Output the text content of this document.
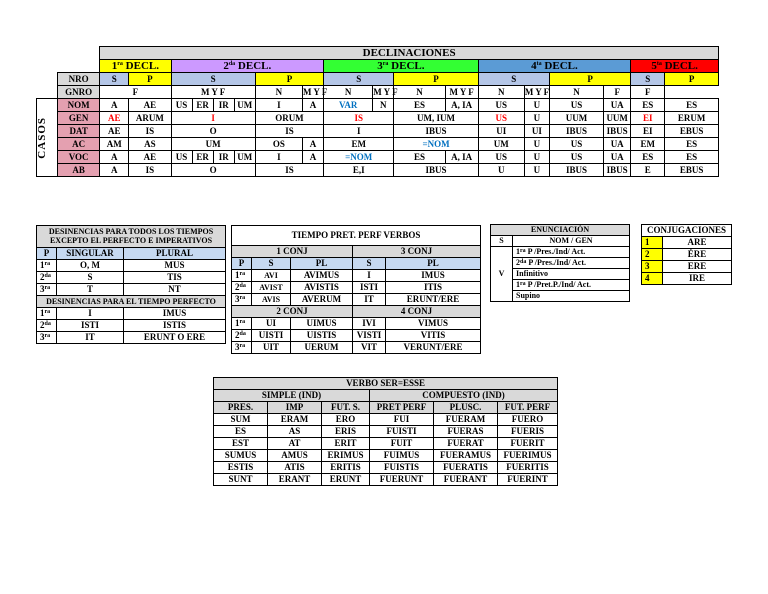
		DECLINACIONES																	
		$1^{ra}$ DECL.		$2^{da}$ DECL.						$3^{ra}$ DECL.				$4^{ta}$ DECL.				$5^{ta}$ DECL.	
	NRO	S	P	S				P		S		P		S		P		S	P
	GNRO	F		M Y F				N	M Y F	N	M Y F	N	M Y F	N	M Y F	N	F	F	

CASOS	NOM	A	AE	US	ER	IR	UM	I	A	VAR	N	ES	A, IA	US	U	US	UA	ES	ES
	GEN	AE	ARUM	I				ORUM		IS		UM, IUM		US	U	UUM	UUM	EI	ERUM
	DAT	AE	IS	O				IS		I		IBUS		UI	UI	IBUS	IBUS	EI	EBUS
	AC	AM	AS	UM				OS	A	EM		=NOM		UM	U	US	UA	EM	ES
	VOC	A	AE	US	ER	IR	UM	I	A	=NOM		ES	A, IA	US	U	US	UA	ES	ES
	AB	A	IS	O				IS		E,I		IBUS		U	U	IBUS	IBUS	E	EBUS
DESINENCIAS PARA TODOS LOS TIEMPOS EXCEPTO EL PERFECTO E IMPERATIVOS		
P	SINGULAR	PLURAL
$1^{ra}$	O, M	MUS
$2^{da}$	S	TIS
$3^{ra}$	T	NT
DESINENCIAS PARA EL TIEMPO PERFECTO		
$1^{ra}$	I	IMUS
$2^{da}$	ISTI	ISTIS
$3^{ra}$	IT	ERUNT O ERE
TIEMPO PRET. PERF VERBOS				
1 CONJ			3 CONJ	
P	S	PL	S	PL
$1^{ra}$	AVI	AVIMUS	I	IMUS
$2^{da}$	AVIST	AVISTIS	ISTI	ITIS
$3^{ra}$	AVIS	AVERUM	IT	ERUNT/ERE
2 CONJ			4 CONJ	
$1^{ra}$	UI	UIMUS	IVI	VIMUS
$2^{da}$	UISTI	UISTIS	VISTI	VITIS
$3^{ra}$	UIT	UERUM	VIT	VERUNT/ERE
ENUNCIACIÒN	
S	NOM / GEN
V	$1^{ra}$ P /Pres./Ind/ Act.
	$2^{da}$ P /Pres./Ind/ Act.
	Infinitivo
	$1^{ra}$ P /Pret.P./Ind/ Act.
	Supino
CONJUGACIONES	
1	ARE
2	ÉRE
3	ERE
4	IRE
VERBO SER=ESSE					
SIMPLE (IND)			COMPUESTO (IND)		
PRES.	IMP	FUT. S.	PRET PERF	PLUSC.	FUT. PERF
SUM	ERAM	ERO	FUI	FUERAM	FUERO
ES	AS	ERIS	FUISTI	FUERAS	FUERIS
EST	AT	ERIT	FUIT	FUERAT	FUERIT
SUMUS	AMUS	ERIMUS	FUIMUS	FUERAMUS	FUERIMUS
ESTIS	ATIS	ERITIS	FUISTIS	FUERATIS	FUERITIS
SUNT	ERANT	ERUNT	FUERUNT	FUERANT	FUERINT
